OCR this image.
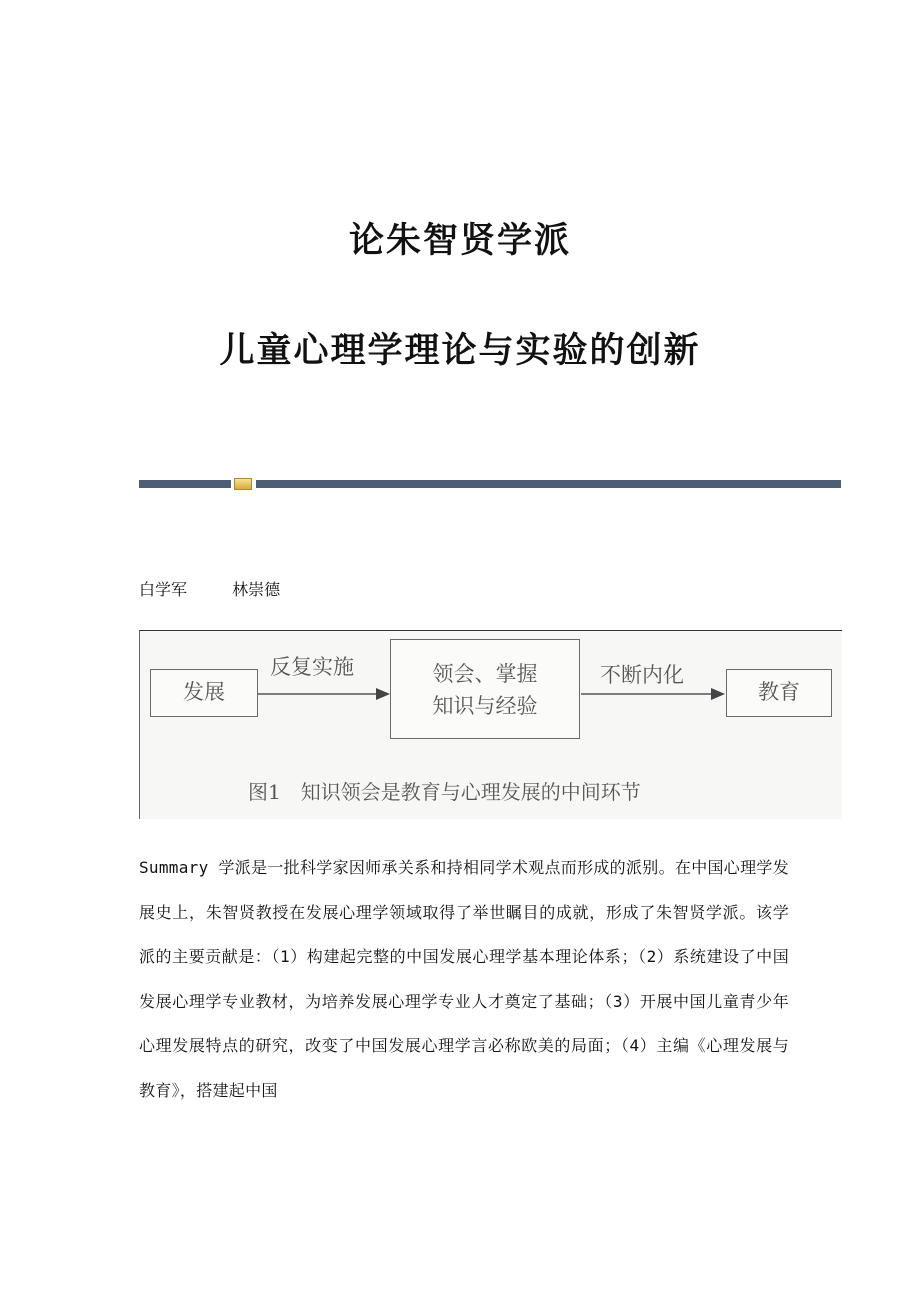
论朱智贤学派
儿童心理学理论与实验的创新
白学军	林崇德
发展
反复实施	领会、掌握
知识与经验
不断内化
教育
图1　知识领会是教育与心理发展的中间环节

Summary 学派是一批科学家因师承关系和持相同学术观点而形成的派别。在中国心理学发展史上，朱智贤教授在发展心理学领域取得了举世瞩目的成就，形成了朱智贤学派。该学派的主要贡献是：（1）构建起完整的中国发展心理学基本理论体系；（2）系统建设了中国发展心理学专业教材，为培养发展心理学专业人才奠定了基础；（3）开展中国儿童青少年心理发展特点的研究，改变了中国发展心理学言必称欧美的局面；（4）主编《心理发展与教育》，搭建起中国
